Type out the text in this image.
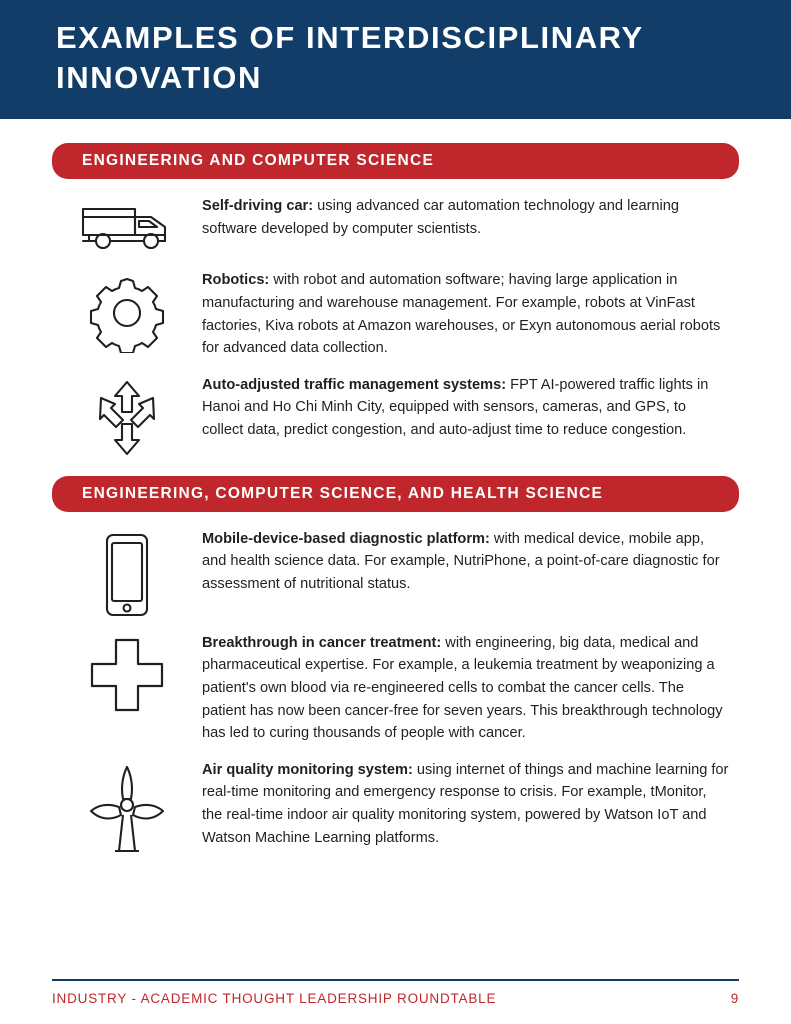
EXAMPLES OF INTERDISCIPLINARY INNOVATION
ENGINEERING AND COMPUTER SCIENCE
Self-driving car: using advanced car automation technology and learning software developed by computer scientists.
Robotics: with robot and automation software; having large application in manufacturing and warehouse management. For example, robots at VinFast factories, Kiva robots at Amazon warehouses, or Exyn autonomous aerial robots for advanced data collection.
Auto-adjusted traffic management systems: FPT AI-powered traffic lights in Hanoi and Ho Chi Minh City, equipped with sensors, cameras, and GPS, to collect data, predict congestion, and auto-adjust time to reduce congestion.
ENGINEERING, COMPUTER SCIENCE, AND HEALTH SCIENCE
Mobile-device-based diagnostic platform: with medical device, mobile app, and health science data. For example, NutriPhone, a point-of-care diagnostic for assessment of nutritional status.
Breakthrough in cancer treatment: with engineering, big data, medical and pharmaceutical expertise. For example, a leukemia treatment by weaponizing a patient's own blood via re-engineered cells to combat the cancer cells. The patient has now been cancer-free for seven years. This breakthrough technology has led to curing thousands of people with cancer.
Air quality monitoring system: using internet of things and machine learning for real-time monitoring and emergency response to crisis. For example, tMonitor, the real-time indoor air quality monitoring system, powered by Watson IoT and Watson Machine Learning platforms.
INDUSTRY - ACADEMIC THOUGHT LEADERSHIP ROUNDTABLE	9
